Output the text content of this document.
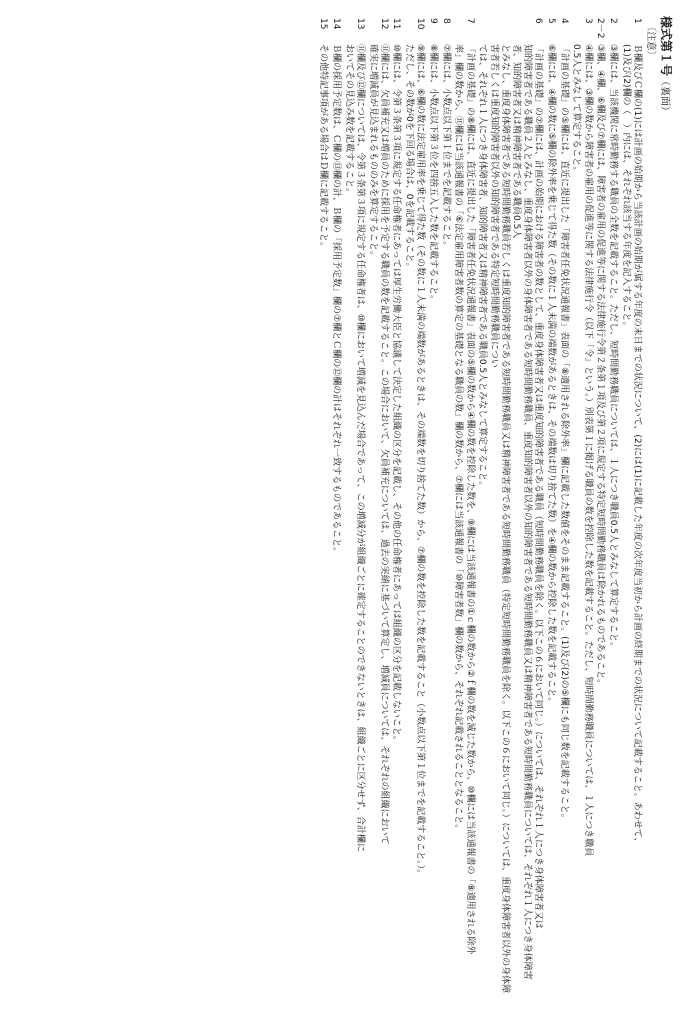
様式第１号（裏面）
〔注意〕
1

Ｂ欄及びＣ欄の(1)には計画の始期から当該計画の始期が属する年度の末日までの状況について、(2)には(1)に記載した年度の次年度当初から計画の終期までの状況について記載すること。あわせて、

(1)及び(2)欄の（　）内には、それぞれ該当する年度を記入すること。

2

③欄には、当該機関に常時勤務する職員の全数を記載すること。ただし、短時間勤務職員については、１人につき職員0.5人とみなして算定すること。

2－2

③欄、④欄、⑥欄及び⑦欄には、障害者の雇用の促進等に関する法律施行令第２条第１項及び第２項に規定する特定短時間勤務職員は除かれるものであること。

3

④欄には、③欄の数から障害者の雇用の促進等に関する法律施行令（以下「令」という。）別表第１に掲げる職員の数を控除した数を記載すること。ただし、短時間勤務職員については、１人につき職員

0.5人とみなして算定すること。

4

「計画の基礎」の⑤欄には、直近に提出した「障害者任免状況通報書」表面の「⑧適用される除外率」欄に記載した数値をそのまま記載すること。(1)及び(2)の⑤欄にも同じ数を記載すること。

5

⑥欄には、④欄の数に⑤欄の除外率を乗じて得た数（その数に１人未満の端数があるときは、その端数は切り捨てた数）を④欄の数から控除した数を記載すること。

6

「計画の基礎」の⑦欄には、計画の始期における障害者の数として、重度身体障害者又は重度知的障害者である職員（短時間勤務職員を除く。以下この６において同じ。）については、それぞれ１人につき身体障害者又は

知的障害者である職員２人とみなし、重度身体障害者以外の身体障害者である短時間勤務職員、重度知的障害者以外の知的障害者である短時間勤務職員又は精神障害者である短時間勤務職員については、それぞれ１人につき身体障害者、知的障害者又は精神障害者である職員0.5人

とみなし、重度身体障害者である短時間勤務職員若しくは重度知的障害者である短時間勤務職員又は精神障害者である短時間勤務職員（特定短時間勤務職員を除く。以下この６において同じ。）については、重度身体障害者以外の身体障害者若しくは重度知的障害者以外の知的障害者である特定短時間勤務職員につい

ては、それぞれ１人につき身体障害者、知的障害者又は精神障害者である職員0.5人とみなして算定すること。

7

「計画の基礎」の⑧欄には、直近に提出した「障害者任免状況通報書」表面の⑤欄の数から④欄の数を控除した数を、⑨欄には当該通報書の①ｃ欄の数から②ｆ欄の数を減じた数から、⑩欄には当該通報書の「⑧適用される除外

率」欄の数から、⑪欄には当該通報書の「⑥法定雇用障害者数の算定の基礎となる職員の数」欄の数から、⑦欄には当該通報書の「⑩障害者数」欄の数から、それぞれ記載されることとなること。

8

⑦欄には、小数点以下第１位までを記載すること。

9

⑧欄には、小数点以下第３位を四捨五入した数を記載すること。

10

⑨欄には、⑥欄の数に法定雇用率を乗じて得た数（その数に１人未満の端数があるときは、その端数を切り捨てた数）から、⑦欄の数を控除した数を記載すること（小数点以下第１位までを記載すること。）。

ただし、その数が0を下回る場合は、0を記載すること。

11

⑩欄には、令第３条第３項に規定する任命権者にあっては厚生労働大臣と協議して決定した組織の区分を記載し、その他の任命権者にあっては組織の区分を記載しないこと。

12

⑪欄には、欠員補充又は増員のために採用を予定する職員の数を記載すること。この場合において、欠員補充については、過去の実績に基づいて算定し、増減員については、それぞれの組織において

確実に増減員が見込まれるもののみを算定すること。

13

⑪欄及び⑫欄については、令第３条第３項に規定する任命権者は、⑩欄において増減を見込んだ場合であって、この増減分が組織ごとに確定することのできないときは、組織ごとに区分せず、合計欄に

おいてその見込み数を記載すること。

14

Ｂ欄の採用予定数は、Ｃ欄の⑬欄の計、Ｂ欄の「採用予定数」欄の⑦欄とＣ欄の⑫欄の計はそれぞれ一致するものであること。

15

その他特記事項がある場合はＤ欄に記載すること。
